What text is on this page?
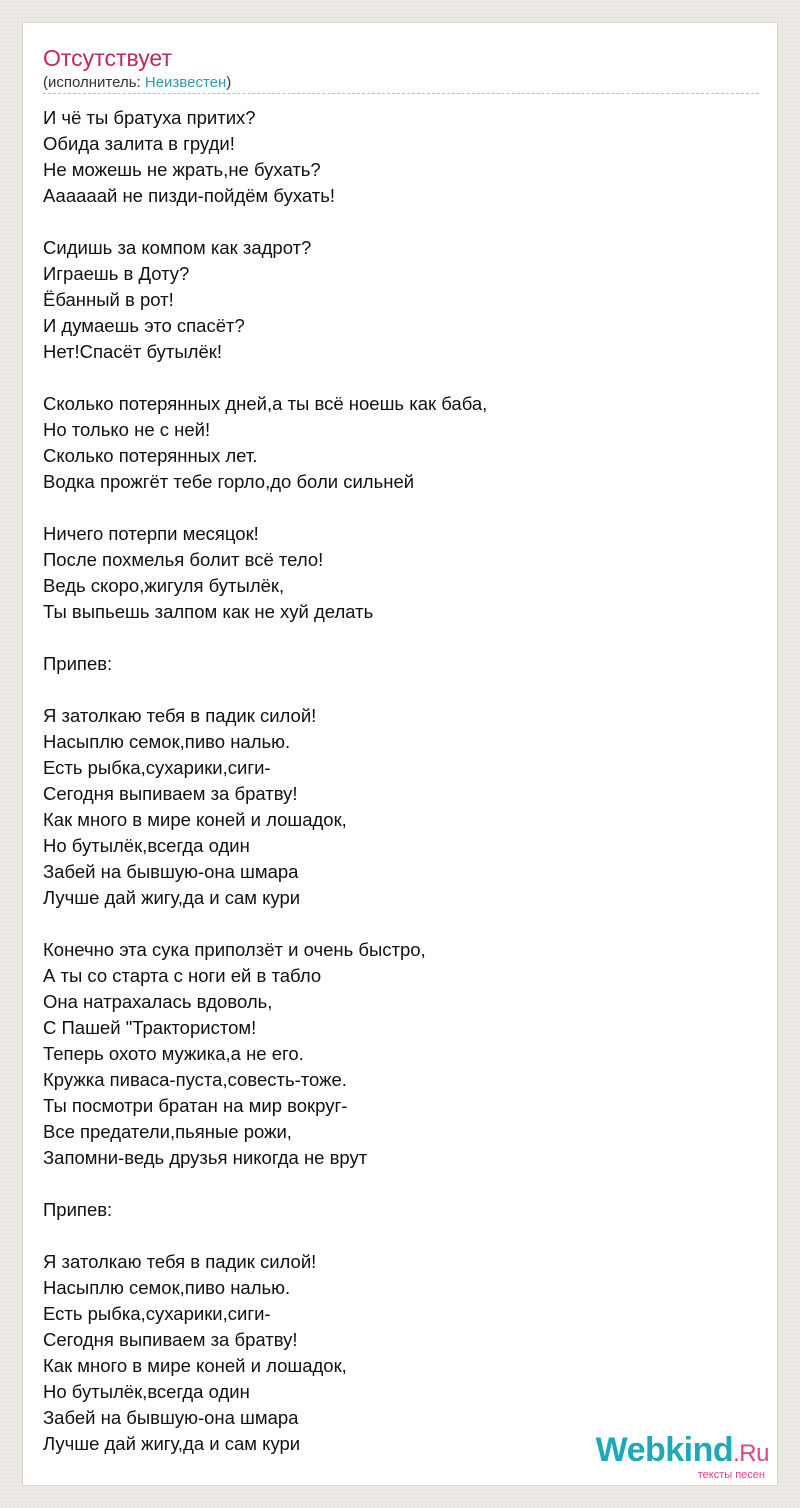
Отсутствует
(исполнитель: Неизвестен)
И чё ты братуха притих?
Обида залита в груди!
Не можешь не жрать,не бухать?
Аааааай не пизди-пойдём бухать!
Сидишь за компом как задрот?
Играешь в Доту?
Ёбанный в рот!
И думаешь это спасёт?
Нет!Спасёт бутылёк!
Сколько потерянных дней,а ты всё ноешь как баба,
Но только не с ней!
Сколько потерянных лет.
Водка прожгёт тебе горло,до боли сильней
Ничего потерпи месяцок!
После похмелья болит всё тело!
Ведь скоро,жигуля бутылёк,
Ты выпьешь залпом как не хуй делать
Припев:
Я затолкаю тебя в падик силой!
Насыплю семок,пиво налью.
Есть рыбка,сухарики,сиги-
Сегодня выпиваем за братву!
Как много в мире коней и лошадок,
Но бутылёк,всегда один
Забей на бывшую-она шмара
Лучше дай жигу,да и сам кури
Конечно эта сука приползёт и очень быстро,
А ты со старта с ноги ей в табло
Она натрахалась вдоволь,
С Пашей "Трактористом!
Теперь охото мужика,а не его.
Кружка пиваса-пуста,совесть-тоже.
Ты посмотри братан на мир вокруг-
Все предатели,пьяные рожи,
Запомни-ведь друзья никогда не врут
Припев:
Я затолкаю тебя в падик силой!
Насыплю семок,пиво налью.
Есть рыбка,сухарики,сиги-
Сегодня выпиваем за братву!
Как много в мире коней и лошадок,
Но бутылёк,всегда один
Забей на бывшую-она шмара
Лучше дай жигу,да и сам кури	Webkind.Ru
тексты песен
